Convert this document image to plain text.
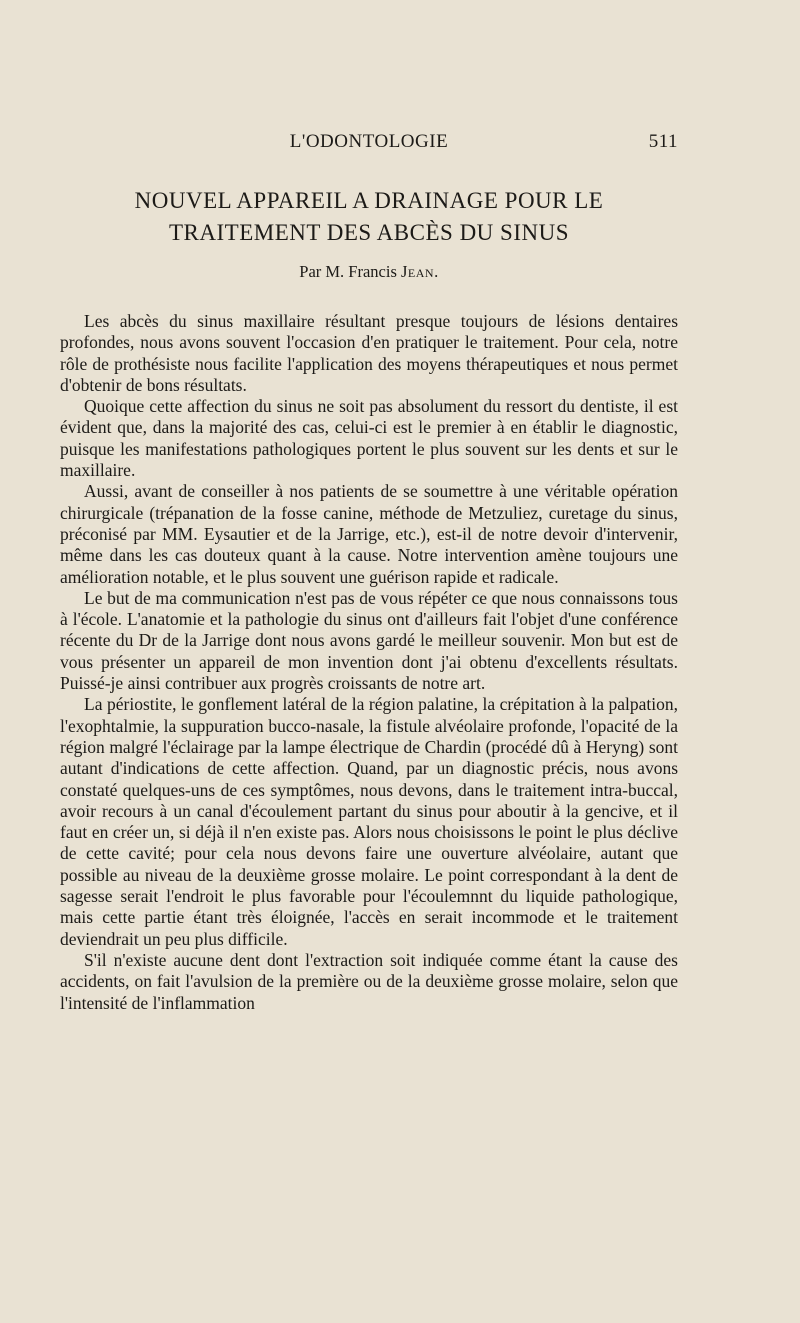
L'ODONTOLOGIE	511
NOUVEL APPAREIL A DRAINAGE POUR LE TRAITEMENT DES ABCÈS DU SINUS
Par M. Francis Jean.

Les abcès du sinus maxillaire résultant presque toujours de lésions dentaires profondes, nous avons souvent l'occasion d'en pratiquer le traitement. Pour cela, notre rôle de prothésiste nous facilite l'application des moyens thérapeutiques et nous permet d'obtenir de bons résultats.

Quoique cette affection du sinus ne soit pas absolument du ressort du dentiste, il est évident que, dans la majorité des cas, celui-ci est le premier à en établir le diagnostic, puisque les manifestations pathologiques portent le plus souvent sur les dents et sur le maxillaire.

Aussi, avant de conseiller à nos patients de se soumettre à une véritable opération chirurgicale (trépanation de la fosse canine, méthode de Metzuliez, curetage du sinus, préconisé par MM. Eysautier et de la Jarrige, etc.), est-il de notre devoir d'intervenir, même dans les cas douteux quant à la cause. Notre intervention amène toujours une amélioration notable, et le plus souvent une guérison rapide et radicale.

Le but de ma communication n'est pas de vous répéter ce que nous connaissons tous à l'école. L'anatomie et la pathologie du sinus ont d'ailleurs fait l'objet d'une conférence récente du Dr de la Jarrige dont nous avons gardé le meilleur souvenir. Mon but est de vous présenter un appareil de mon invention dont j'ai obtenu d'excellents résultats. Puissé-je ainsi contribuer aux progrès croissants de notre art.

La périostite, le gonflement latéral de la région palatine, la crépitation à la palpation, l'exophtalmie, la suppuration bucco-nasale, la fistule alvéolaire profonde, l'opacité de la région malgré l'éclairage par la lampe électrique de Chardin (procédé dû à Heryng) sont autant d'indications de cette affection. Quand, par un diagnostic précis, nous avons constaté quelques-uns de ces symptômes, nous devons, dans le traitement intra-buccal, avoir recours à un canal d'écoulement partant du sinus pour aboutir à la gencive, et il faut en créer un, si déjà il n'en existe pas. Alors nous choisissons le point le plus déclive de cette cavité; pour cela nous devons faire une ouverture alvéolaire, autant que possible au niveau de la deuxième grosse molaire. Le point correspondant à la dent de sagesse serait l'endroit le plus favorable pour l'écoulemnnt du liquide pathologique, mais cette partie étant très éloignée, l'accès en serait incommode et le traitement deviendrait un peu plus difficile.

S'il n'existe aucune dent dont l'extraction soit indiquée comme étant la cause des accidents, on fait l'avulsion de la première ou de la deuxième grosse molaire, selon que l'intensité de l'inflammation
